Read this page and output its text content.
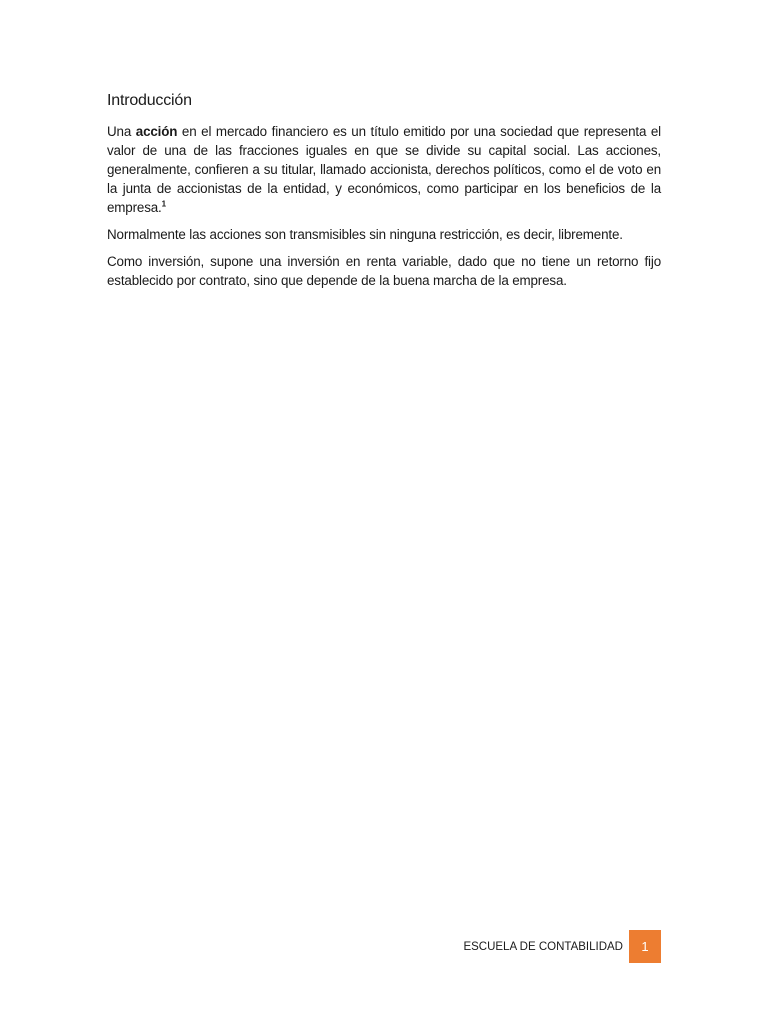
Introducción

Una acción en el mercado financiero es un título emitido por una sociedad que representa el valor de una de las fracciones iguales en que se divide su capital social. Las acciones, generalmente, confieren a su titular, llamado accionista, derechos políticos, como el de voto en la junta de accionistas de la entidad, y económicos, como participar en los beneficios de la empresa.$^1$

Normalmente las acciones son transmisibles sin ninguna restricción, es decir, libremente.

Como inversión, supone una inversión en renta variable, dado que no tiene un retorno fijo establecido por contrato, sino que depende de la buena marcha de la empresa.

ESCUELA DE CONTABILIDAD 1
